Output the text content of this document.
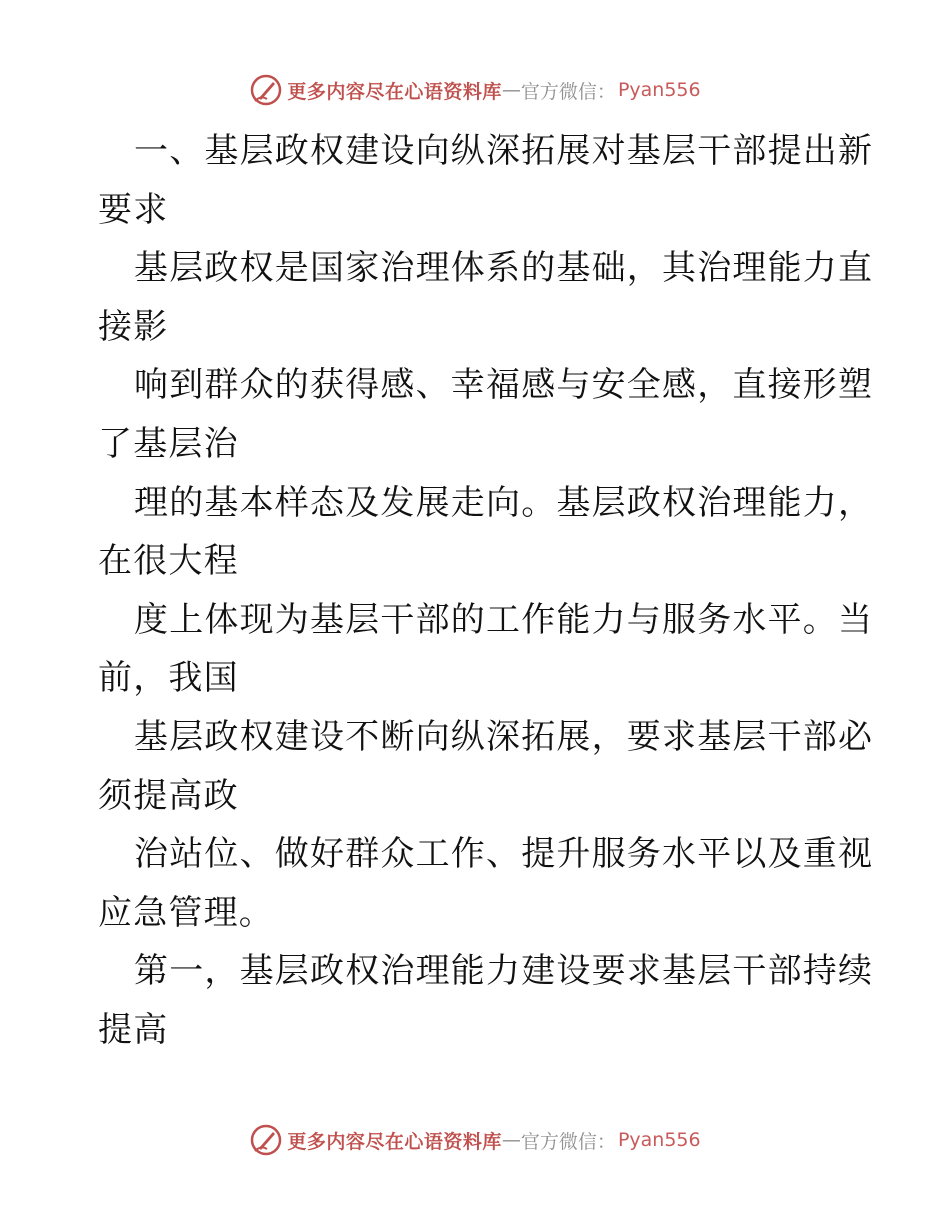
更多内容尽在心语资料库 — 官方微信： Pyan556
一、基层政权建设向纵深拓展对基层干部提出新
要求
基层政权是国家治理体系的基础，其治理能力直
接影
响到群众的获得感、幸福感与安全感，直接形塑
了基层治
理的基本样态及发展走向。基层政权治理能力，
在很大程
度上体现为基层干部的工作能力与服务水平。当
前，我国
基层政权建设不断向纵深拓展，要求基层干部必
须提高政
治站位、做好群众工作、提升服务水平以及重视
应急管理。
第一，基层政权治理能力建设要求基层干部持续
提高
更多内容尽在心语资料库 — 官方微信： Pyan556
